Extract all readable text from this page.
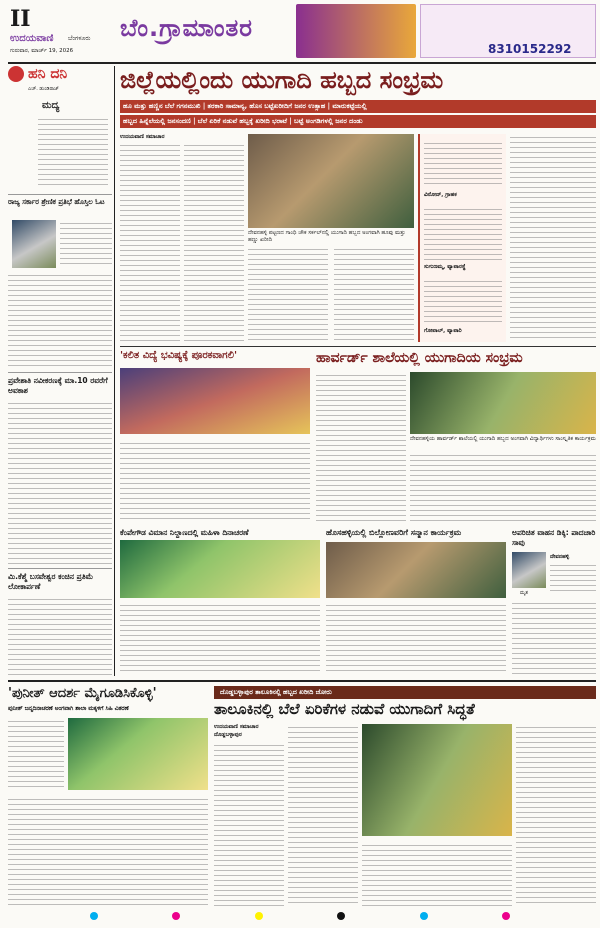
II
ಉದಯವಾಣಿ ಬೆಂಗಳೂರು
ಗುರುವಾರ, ಮಾರ್ಚ್ 19, 2026
ಬೆಂ.ಗ್ರಾಮಾಂತರ
8310152292
ಹನಿ ದನಿ
ಎಚ್. ಡುಂಡಿರಾಜ್
ಮದ್ಯ
ರಾಜ್ಯ ಸರ್ಕಾರ ಶ್ರೇಣಿಕ ಪ್ರತಿಭೆ ಹೊಸ್ತಿಲ ಓಟ
ಪ್ರವೇಶಾತಿ ನವೀಕರಣಕ್ಕೆ ಮಾ.10 ರವರೆಗೆ ಅವಕಾಶ
ಮಿ.ಕೆಶ್ಮೆ ಬಸವೇಶ್ವರ ಕಂಚಿನ ಪ್ರತಿಮೆ ಲೋಕಾರ್ಪಣೆ
ಜಿಲ್ಲೆಯಲ್ಲಿಂದು ಯುಗಾದಿ ಹಬ್ಬದ ಸಂಭ್ರಮ
ಹೂ ಮತ್ತು ಹಣ್ಣಿನ ಬೆಲೆ ಗಗನಮುಖಿ | ತರಕಾರಿ ಸಾಮಾನ್ಯ, ಹೊಸ ಬಟ್ಟೆಖರೀದಿಗೆ ಜನರ ಉತ್ಸಾಹ | ಮಾರುಕಟ್ಟೆಯಲ್ಲಿ
ಹಬ್ಬದ ಹಿನ್ನೆಲೆಯಲ್ಲಿ ಜನಸಂದಣಿ | ಬೆಲೆ ಏರಿಕೆ ನಡುವೆ ಹಬ್ಬಕ್ಕೆ ಖರೀದಿ ಭರಾಟೆ | ಬಟ್ಟೆ ಅಂಗಡಿಗಳಲ್ಲಿ ಜನರ ದಂಡು
ಉದಯವಾಣಿ ಸಮಾಚಾರ
ದೇವನಹಳ್ಳಿ ಪಟ್ಟಣದ ಗಾಂಧಿ ಚೌಕ ಸರ್ಕಲ್‌ನಲ್ಲಿ ಯುಗಾದಿ ಹಬ್ಬದ ಅಂಗವಾಗಿ ಹೂವು ಮತ್ತು ಹಣ್ಣು ಖರೀದಿ
ವಿನೋದ್, ಗ್ರಾಹಕ
ಸುಗುಣಮ್ಮ, ವ್ಯಾಪಾರಸ್ಥೆ
ಗೋಪಾಲ್, ವ್ಯಾಪಾರಿ
'ಕಲಿತ ವಿದ್ಯೆ ಭವಿಷ್ಯಕ್ಕೆ ಪೂರಕವಾಗಲಿ'	ಹಾರ್ವರ್ಡ್ ಶಾಲೆಯಲ್ಲಿ ಯುಗಾದಿಯ ಸಂಭ್ರಮ
ದೇವನಹಳ್ಳಿಯ ಹಾರ್ವರ್ಡ್ ಶಾಲೆಯಲ್ಲಿ ಯುಗಾದಿ ಹಬ್ಬದ ಅಂಗವಾಗಿ ವಿದ್ಯಾರ್ಥಿಗಳು ಸಾಂಸ್ಕೃತಿಕ ಕಾರ್ಯಕ್ರಮ
ಕೆಂಪೇಗೌಡ ವಿಮಾನ ನಿಲ್ದಾಣದಲ್ಲಿ ಮಹಿಳಾ ದಿನಾಚರಣೆ	ಹೊಸಹಳ್ಳಿಯಲ್ಲಿ ಬಿಲ್ಲೋಣವರಿಗೆ ಸನ್ಮಾನ ಕಾರ್ಯಕ್ರಮ	ಅಪರಿಚಿತ ವಾಹನ ಡಿಕ್ಕಿ: ಪಾದಚಾರಿ ಸಾವು
ಮೃತ
ದೇವನಹಳ್ಳಿ
'ಪುನೀತ್ ಆದರ್ಶ ಮೈಗೂಡಿಸಿಕೊಳ್ಳಿ'
ಪುನೀತ್ ಜನ್ಮದಿನಾಚರಣೆ ಅಂಗವಾಗಿ ಶಾಲಾ ಮಕ್ಕಳಿಗೆ ಸಿಹಿ ವಿತರಣೆ
ದೊಡ್ಡಬಳ್ಳಾಪುರ ತಾಲೂಕಿನಲ್ಲಿ ಹಬ್ಬದ ಖರೀದಿ ಜೋರು
ತಾಲೂಕಿನಲ್ಲಿ ಬೆಲೆ ಏರಿಕೆಗಳ ನಡುವೆ ಯುಗಾದಿಗೆ ಸಿದ್ಧತೆ
ಉದಯವಾಣಿ ಸಮಾಚಾರ
ದೊಡ್ಡಬಳ್ಳಾಪುರ
